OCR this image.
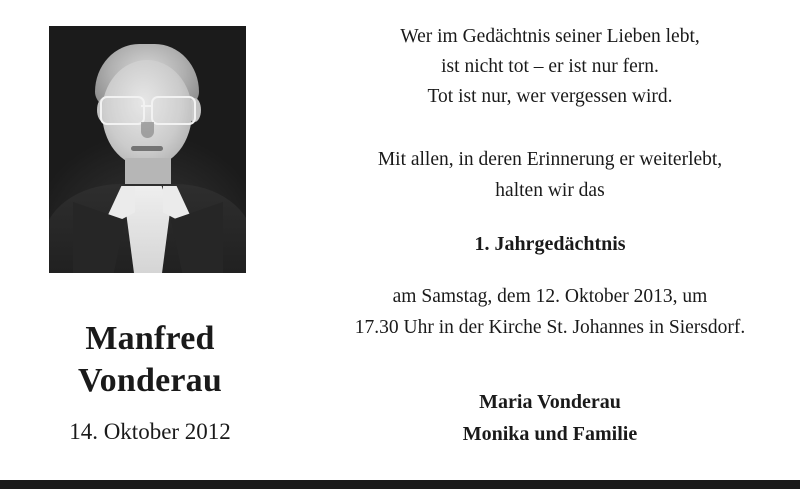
Manfred
Vonderau
14. Oktober 2012
Wer im Gedächtnis seiner Lieben lebt,
ist nicht tot – er ist nur fern.
Tot ist nur, wer vergessen wird.
Mit allen, in deren Erinnerung er weiterlebt,
halten wir das
1. Jahrgedächtnis
am Samstag, dem 12. Oktober 2013, um
17.30 Uhr in der Kirche St. Johannes in Siersdorf.
Maria Vonderau
Monika und Familie
